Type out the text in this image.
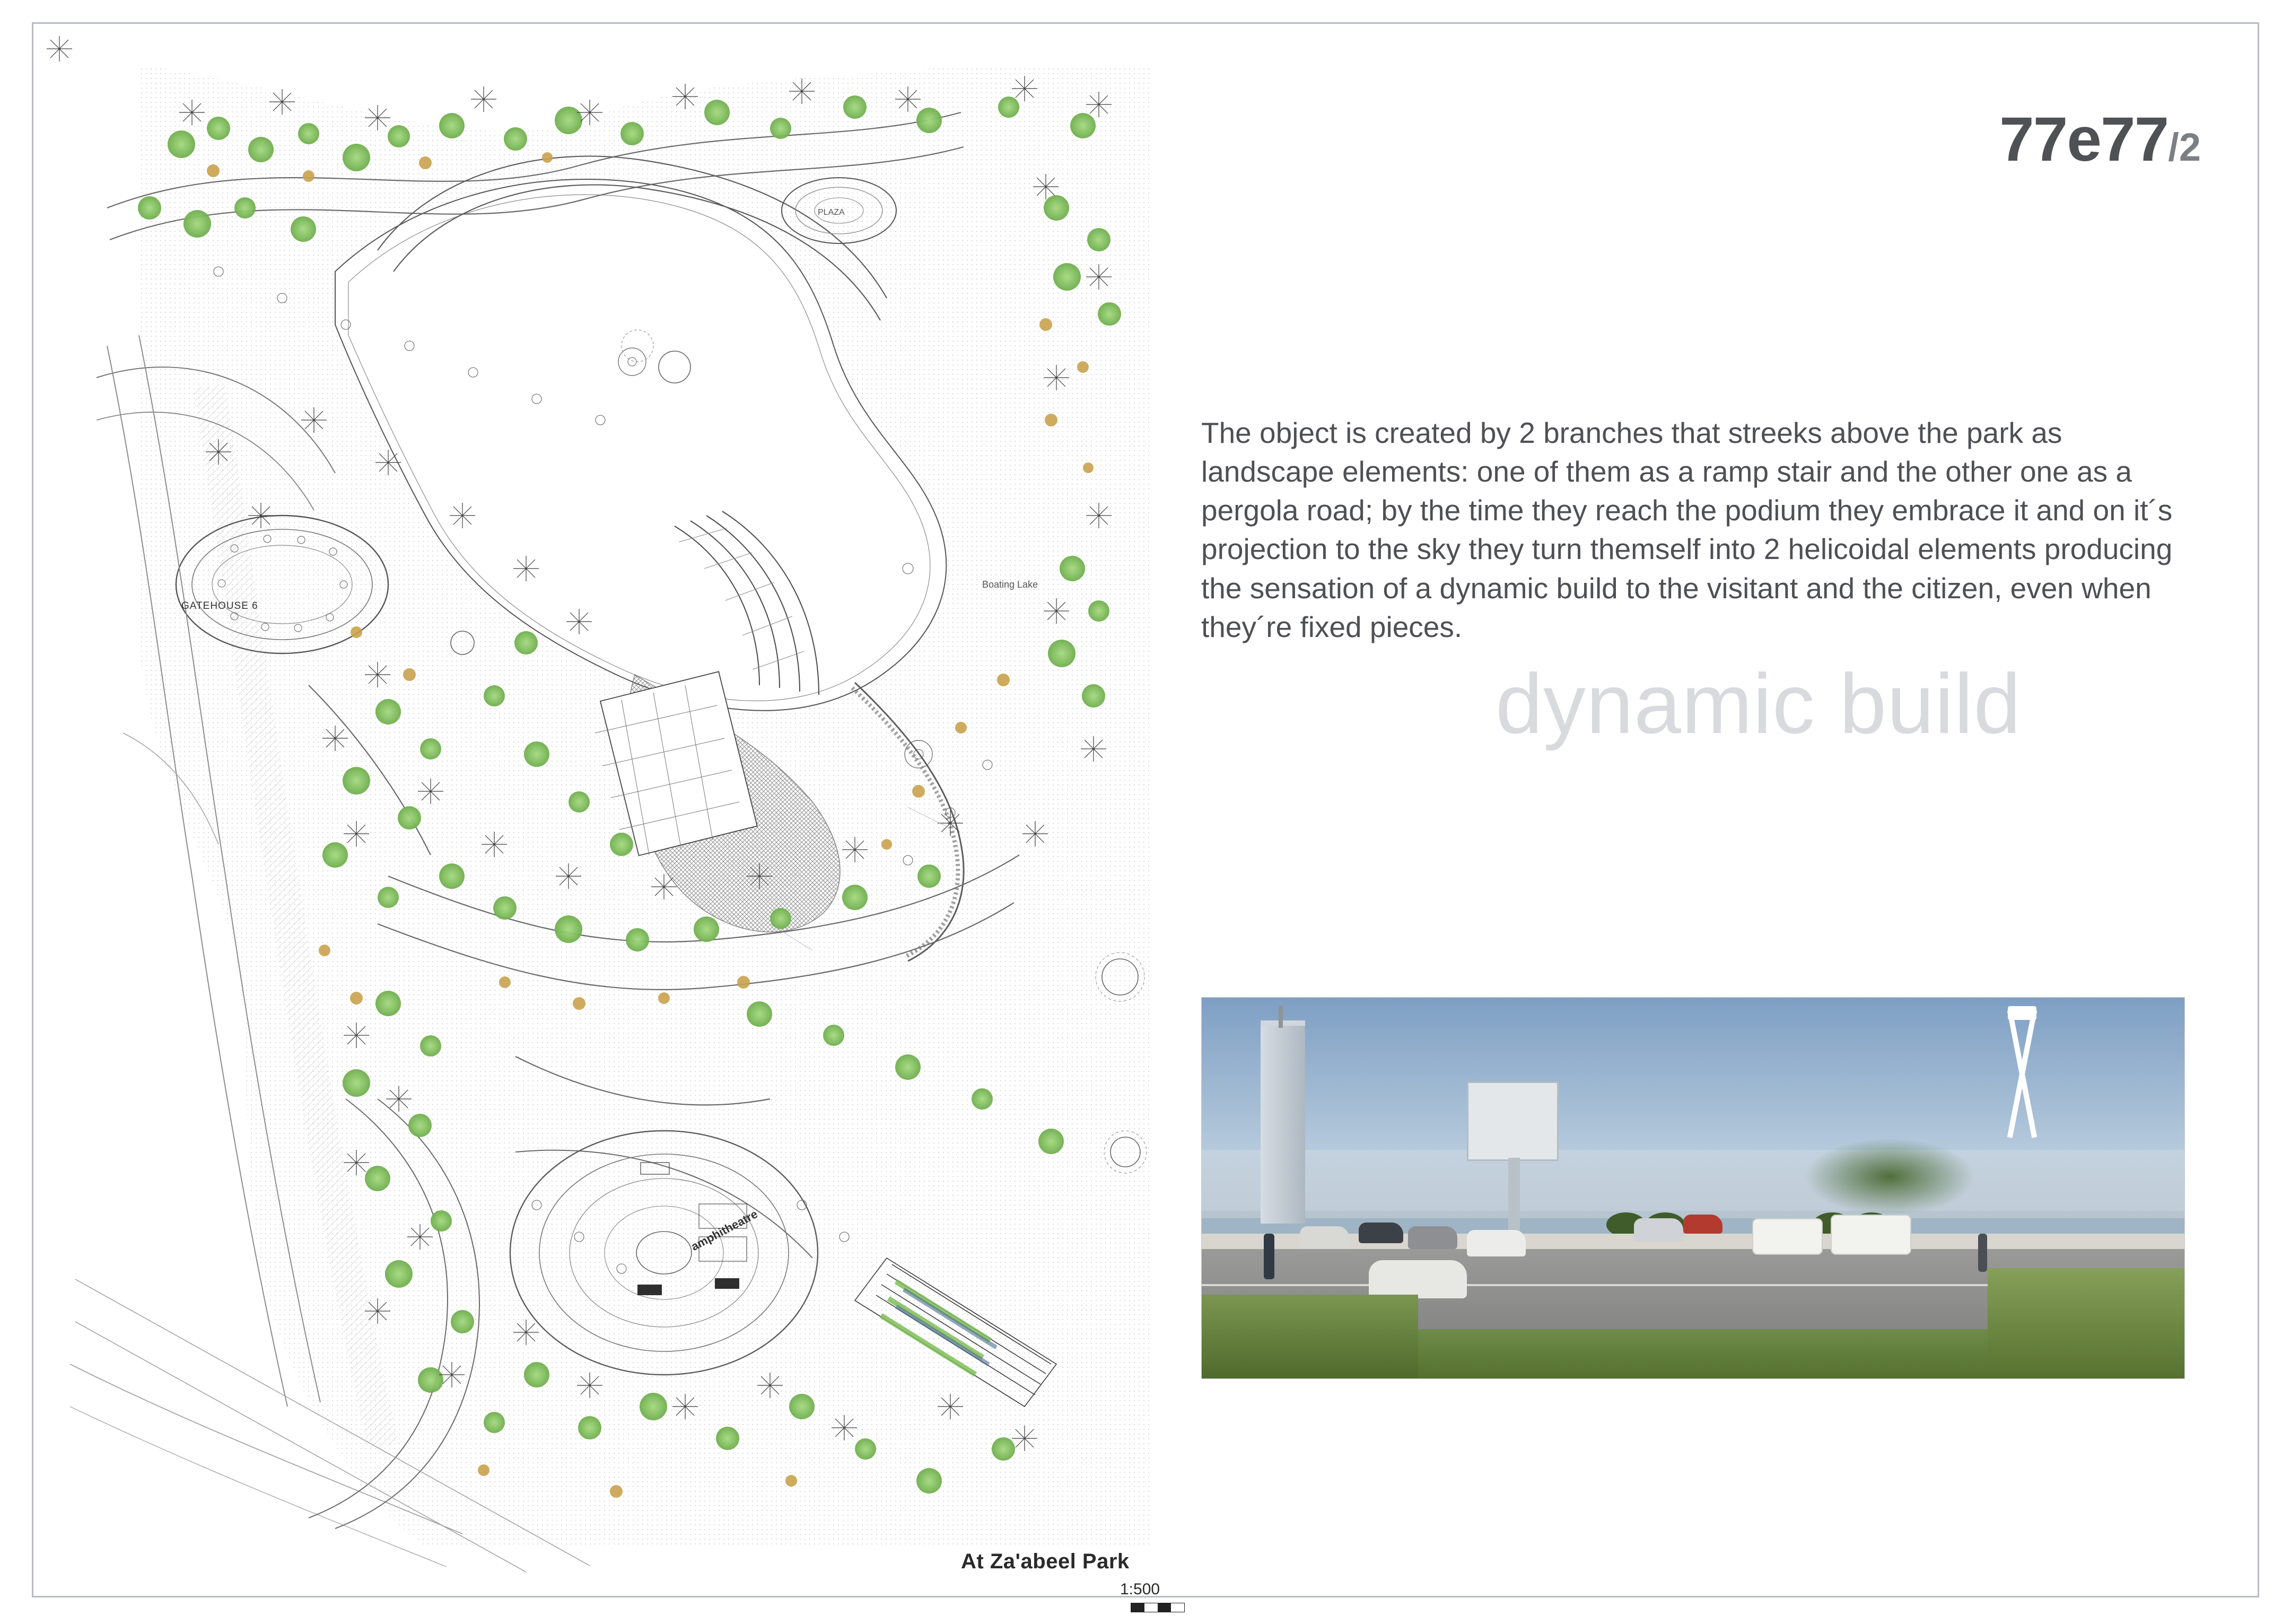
GATEHOUSE 6
Boating Lake
PLAZA
amphitheatre
At Za'abeel Park
1:500
77e77/2
dynamic build
The object is created by 2 branches that streeks above the park as landscape elements: one of them as a ramp stair and the other one as a pergola road; by the time they reach the podium they embrace it and on it´s projection to the sky they turn themself into 2 helicoidal elements producing the sensation of a dynamic build to the visitant and the citizen, even when they´re fixed pieces.
